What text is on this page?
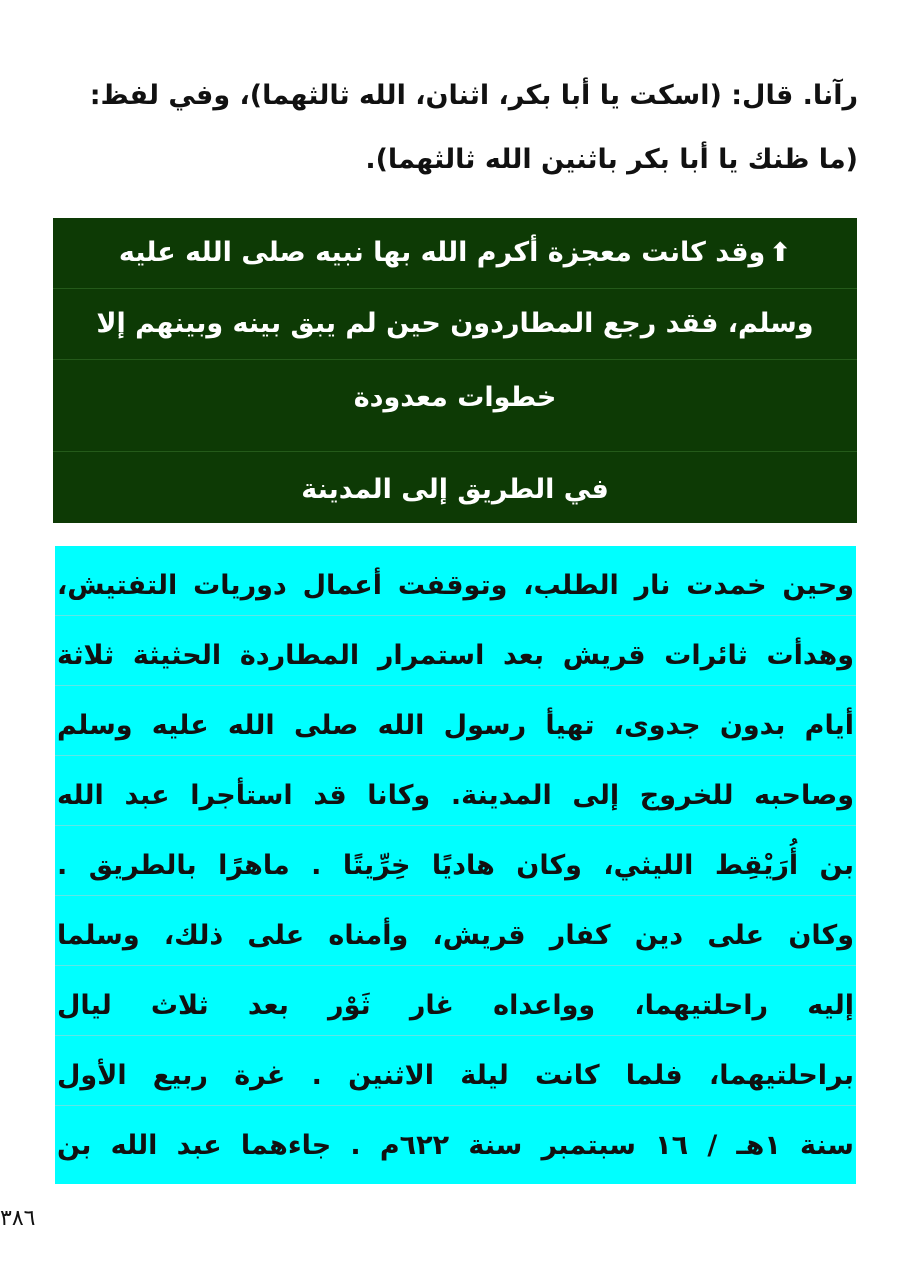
رآنا. قال: (اسكت يا أبا بكر، اثنان، الله ثالثهما)، وفي لفظ:
(ما ظنك يا أبا بكر باثنين الله ثالثهما).
⬆وقد كانت معجزة أكرم الله بها نبيه صلى الله عليه
وسلم، فقد رجع المطاردون حين لم يبق بينه وبينهم إلا
خطوات معدودة
في الطريق إلى المدينة
وحين خمدت نار الطلب، وتوقفت أعمال دوريات التفتيش،
وهدأت ثائرات قريش بعد استمرار المطاردة الحثيثة ثلاثة
أيام بدون جدوى، تهيأ رسول الله صلى الله عليه وسلم
وصاحبه للخروج إلى المدينة. وكانا قد استأجرا عبد الله
بن أُرَيْقِط الليثي، وكان هاديًا خِرِّيتًا . ماهرًا بالطريق .
وكان على دين كفار قريش، وأمناه على ذلك، وسلما
إليه راحلتيهما، وواعداه غار ثَوْر بعد ثلاث ليال
براحلتيهما، فلما كانت ليلة الاثنين . غرة ربيع الأول
سنة ١هـ / ١٦ سبتمبر سنة ٦٢٢م . جاءهما عبد الله بن
٣٨٦
